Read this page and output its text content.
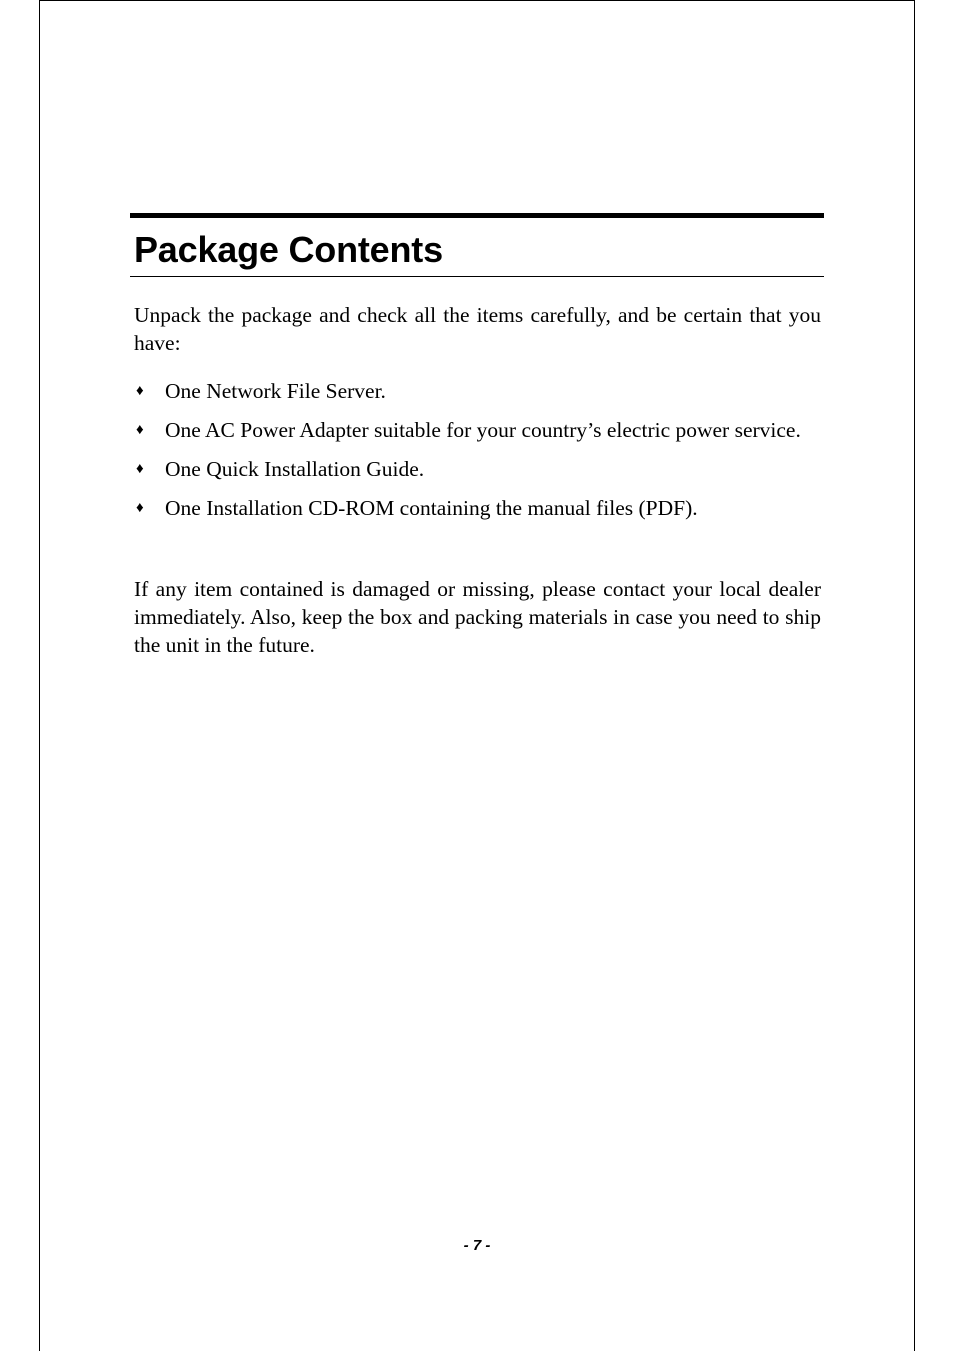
Package Contents

Unpack the package and check all the items carefully, and be certain that you have:

♦ One Network File Server.
♦ One AC Power Adapter suitable for your country’s electric power service.
♦ One Quick Installation Guide.
♦ One Installation CD-ROM containing the manual files (PDF).

If any item contained is damaged or missing, please contact your local dealer immediately. Also, keep the box and packing materials in case you need to ship the unit in the future.

- 7 -
